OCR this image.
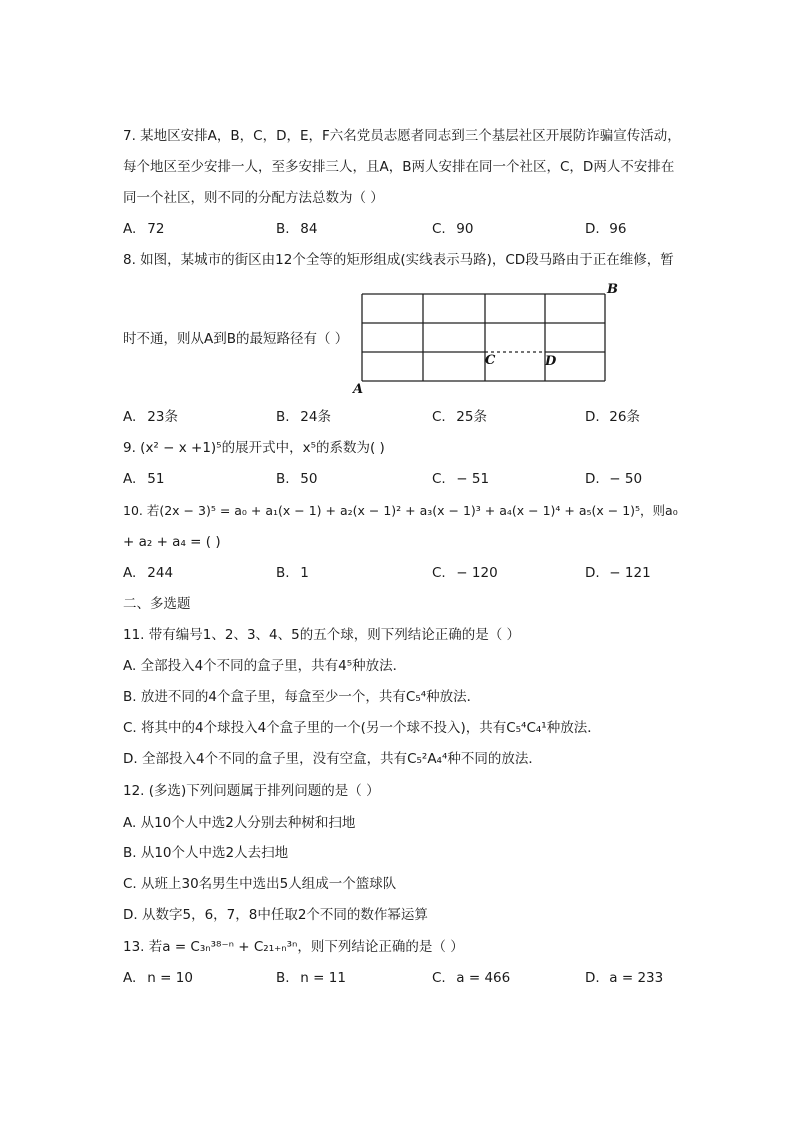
7. 某地区安排A，B，C，D，E，F六名党员志愿者同志到三个基层社区开展防诈骗宣传活动，
每个地区至少安排一人，至多安排三人，且A，B两人安排在同一个社区，C，D两人不安排在
同一个社区，则不同的分配方法总数为（ ）
A. 72	B. 84	C. 90	D. 96
8. 如图，某城市的街区由12个全等的矩形组成(实线表示马路)，CD段马路由于正在维修，暂
B
A
C	D
时不通，则从A到B的最短路径有（ ）
A. 23条	B. 24条	C. 25条	D. 26条
9. (x² − x +1)⁵的展开式中，x⁵的系数为( )
A. 51	B. 50	C. − 51	D. − 50
10. 若(2x − 3)⁵ = a₀ + a₁(x − 1) + a₂(x − 1)² + a₃(x − 1)³ + a₄(x − 1)⁴ + a₅(x − 1)⁵，则a₀
+ a₂ + a₄ = ( )
A. 244	B. 1	C. − 120	D. − 121
二、多选题
11. 带有编号1、2、3、4、5的五个球，则下列结论正确的是（ ）
A. 全部投入4个不同的盒子里，共有4⁵种放法．
B. 放进不同的4个盒子里，每盒至少一个，共有C₅⁴种放法．
C. 将其中的4个球投入4个盒子里的一个(另一个球不投入)，共有C₅⁴C₄¹种放法．
D. 全部投入4个不同的盒子里，没有空盒，共有C₅²A₄⁴种不同的放法．
12. (多选)下列问题属于排列问题的是（ ）
A. 从10个人中选2人分别去种树和扫地
B. 从10个人中选2人去扫地
C. 从班上30名男生中选出5人组成一个篮球队
D. 从数字5，6，7，8中任取2个不同的数作幂运算
13. 若a = C₃ₙ³⁸⁻ⁿ + C₂₁₊ₙ³ⁿ，则下列结论正确的是（ ）
A. n = 10	B. n = 11	C. a = 466	D. a = 233
